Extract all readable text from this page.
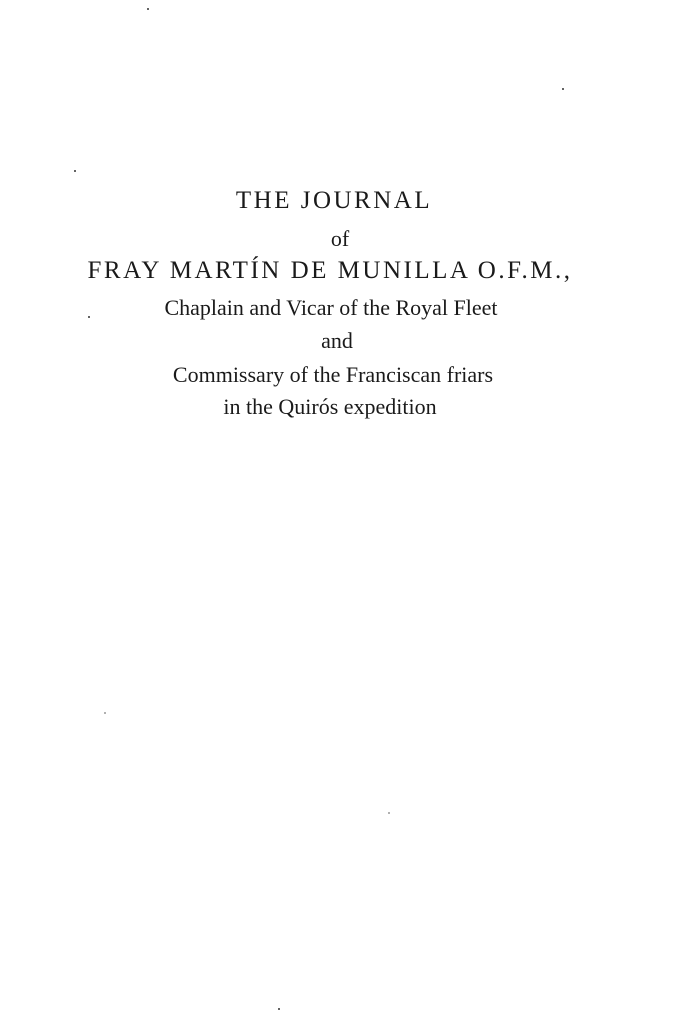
THE JOURNAL
of
FRAY MARTÍN DE MUNILLA O.F.M.,
Chaplain and Vicar of the Royal Fleet
and
Commissary of the Franciscan friars
in the Quirós expedition
